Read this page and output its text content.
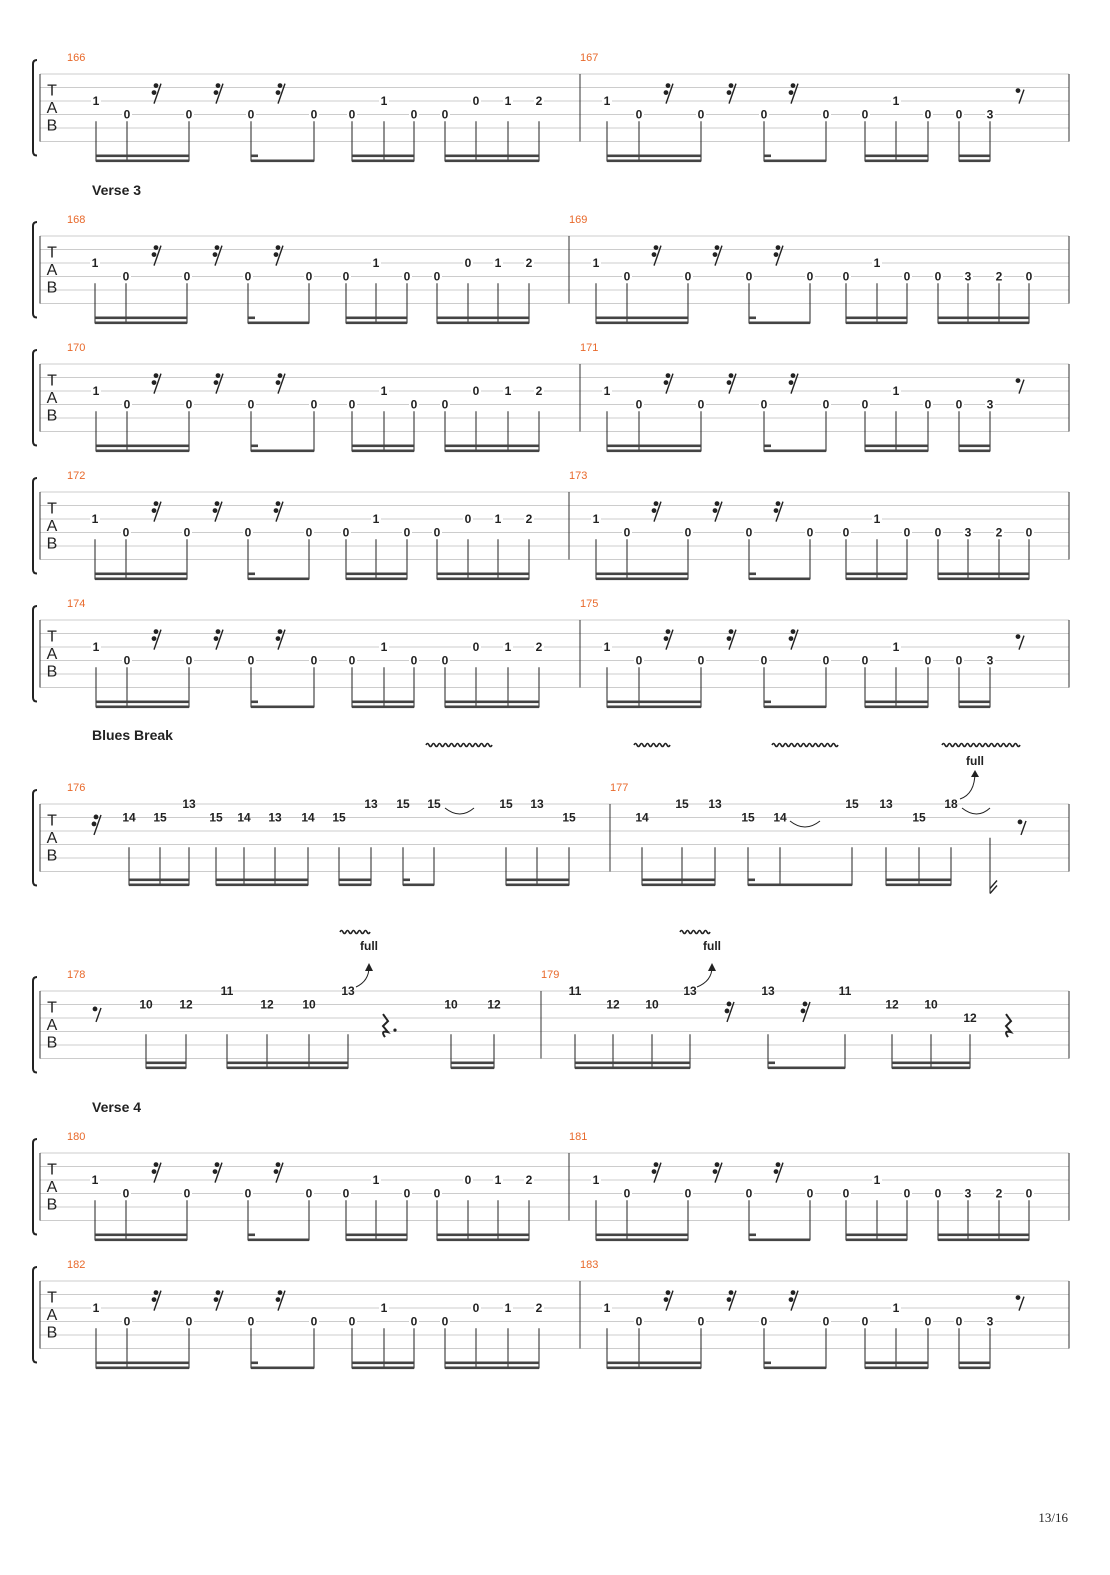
T
A
B
166	167
1
0	0	0	0	0
1
0 0
0 1 2	1
0	0	0	0	0
1
0 0 3
T
A
B
168	169
1
0	0	0	0	0
1
0 0
0 1 2	1
0	0	0	0 0
1
0 0 3 2 0
T
A
B
170	171
1
0	0	0	0	0
1
0 0
0 1 2	1
0	0	0	0	0
1
0 0 3
T
A
B
172	173
1
0	0	0	0	0
1
0 0
0 1 2	1
0	0	0	0 0
1
0 0 3 2 0
T
A
B
174	175
1
0	0	0	0	0
1
0 0
0 1 2	1
0	0	0	0	0
1
0 0 3
T
A
B
T
A
B
T
A
B
180	181
1
0	0	0	0	0
1
0 0
0 1 2	1
0	0	0	0 0
1
0 0 3 2 0
T
A
B
182	183
1
0	0	0	0	0
1
0 0
0 1 2	1
0	0	0	0	0
1
0 0 3
176	177
14 15
13
15 14 13 14 15
13 15 15	15 13
15	14
15 13
15 14
15 13
15
18
full
178	179
10 12
11
12 10
13
10 12
11
12 10
13	13	11
12 10
12
full	full
Verse 3
Blues Break
Verse 4
13/16
